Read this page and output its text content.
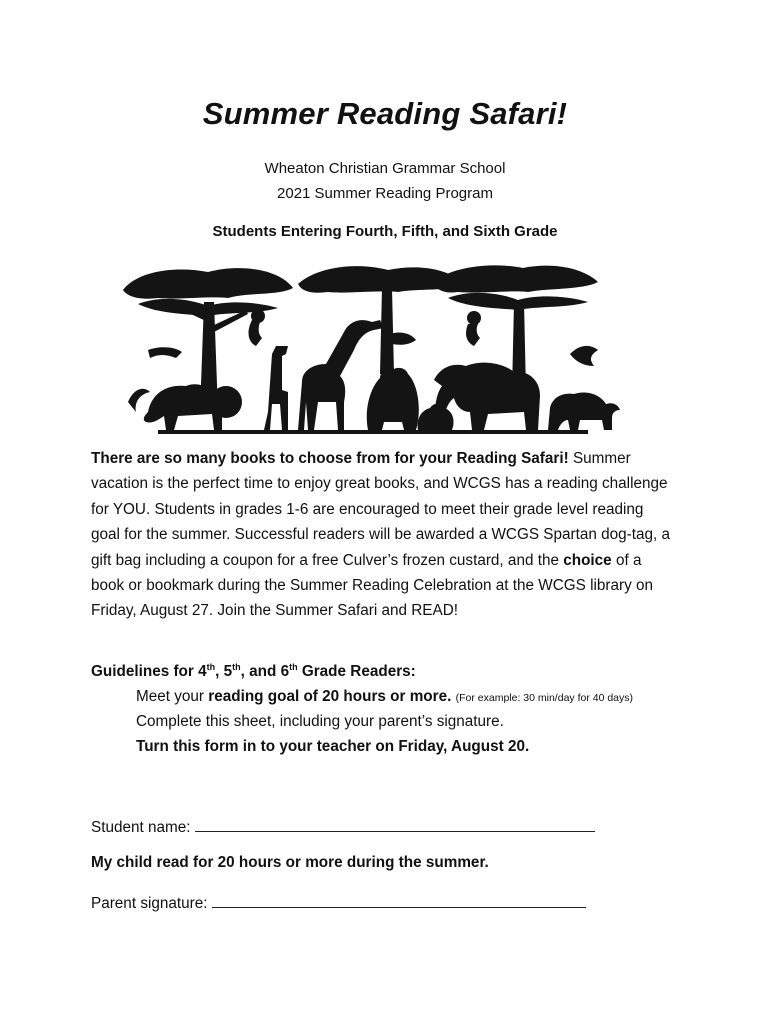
Summer Reading Safari!
Wheaton Christian Grammar School
2021 Summer Reading Program
Students Entering Fourth, Fifth, and Sixth Grade
There are so many books to choose from for your Reading Safari! Summer vacation is the perfect time to enjoy great books, and WCGS has a reading challenge for YOU. Students in grades 1-6 are encouraged to meet their grade level reading goal for the summer. Successful readers will be awarded a WCGS Spartan dog-tag, a gift bag including a coupon for a free Culver’s frozen custard, and the choice of a book or bookmark during the Summer Reading Celebration at the WCGS library on Friday, August 27. Join the Summer Safari and READ!
Guidelines for 4th, 5th, and 6th Grade Readers:
Meet your reading goal of 20 hours or more. (For example: 30 min/day for 40 days)
Complete this sheet, including your parent’s signature.
Turn this form in to your teacher on Friday, August 20.
Student name:
My child read for 20 hours or more during the summer.
Parent signature:
